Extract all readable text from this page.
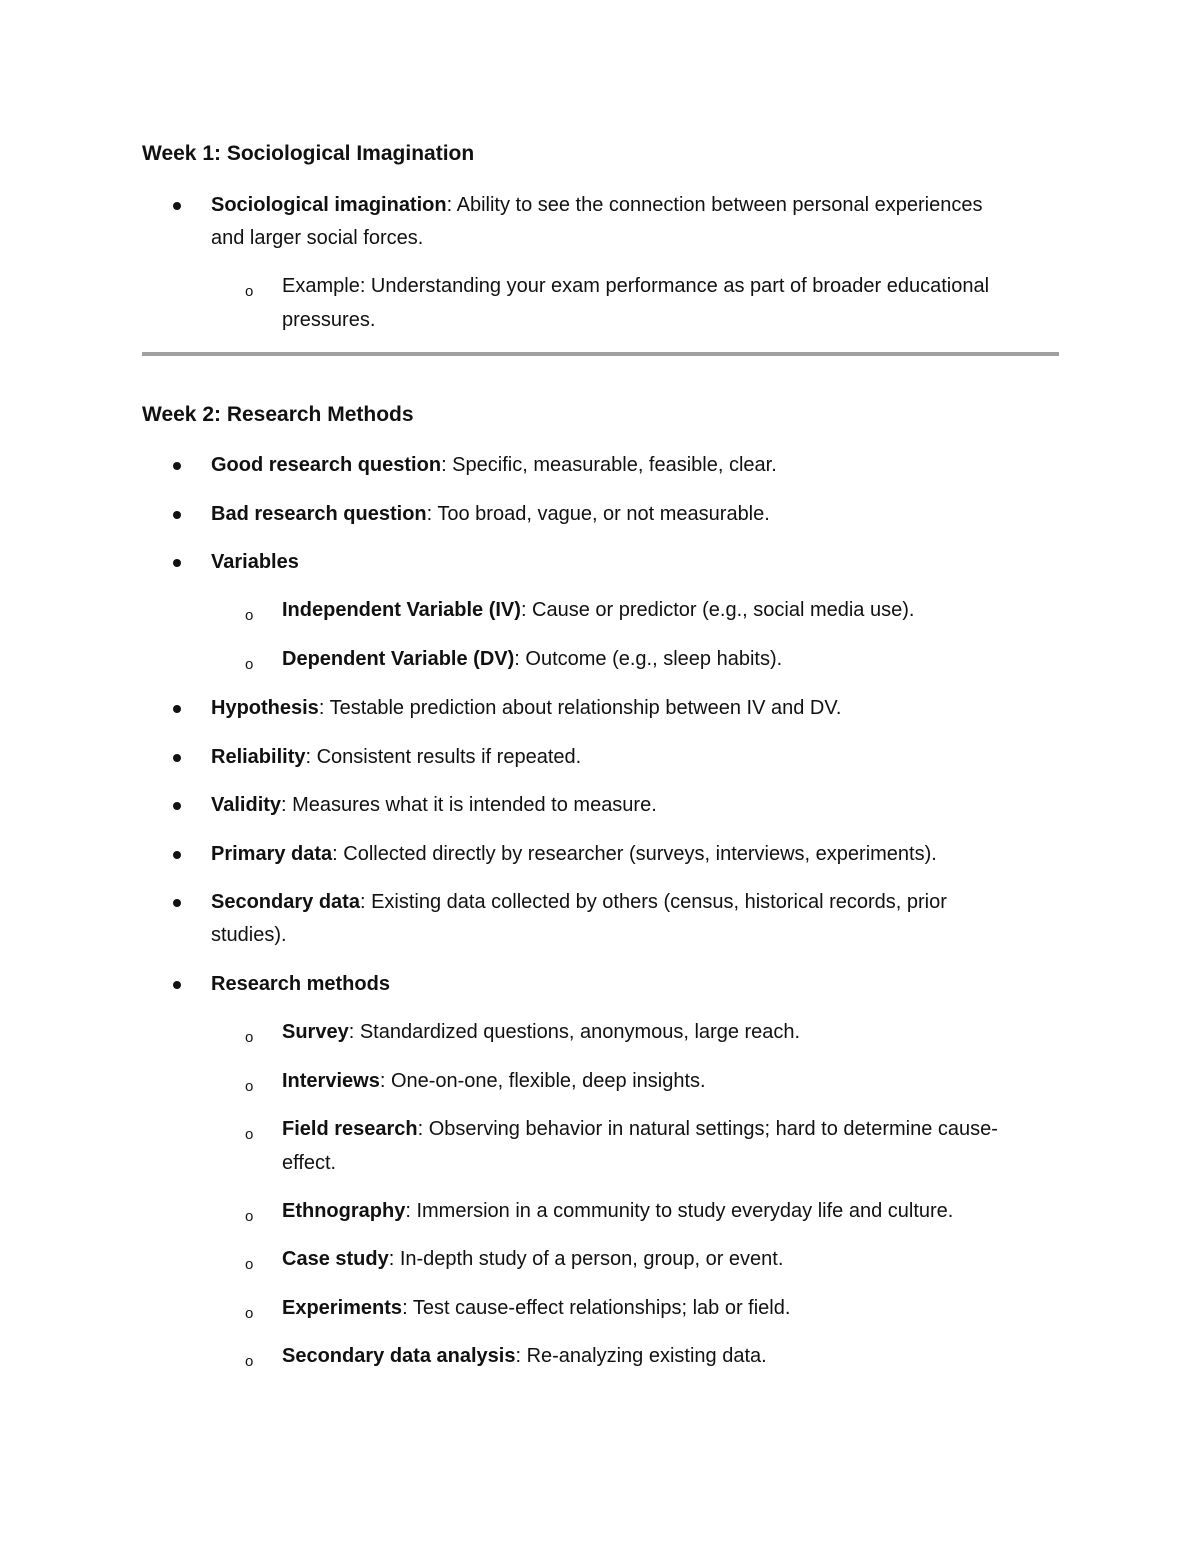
Week 1: Sociological Imagination
Sociological imagination: Ability to see the connection between personal experiences
and larger social forces.
o Example: Understanding your exam performance as part of broader educational
pressures.
Week 2: Research Methods
Good research question: Specific, measurable, feasible, clear.
Bad research question: Too broad, vague, or not measurable.
Variables
o Independent Variable (IV): Cause or predictor (e.g., social media use).
o Dependent Variable (DV): Outcome (e.g., sleep habits).
Hypothesis: Testable prediction about relationship between IV and DV.
Reliability: Consistent results if repeated.
Validity: Measures what it is intended to measure.
Primary data: Collected directly by researcher (surveys, interviews, experiments).
Secondary data: Existing data collected by others (census, historical records, prior
studies).
Research methods
o Survey: Standardized questions, anonymous, large reach.
o Interviews: One-on-one, flexible, deep insights.
o Field research: Observing behavior in natural settings; hard to determine cause-
effect.
o Ethnography: Immersion in a community to study everyday life and culture.
o Case study: In-depth study of a person, group, or event.
o Experiments: Test cause-effect relationships; lab or field.
o Secondary data analysis: Re-analyzing existing data.
